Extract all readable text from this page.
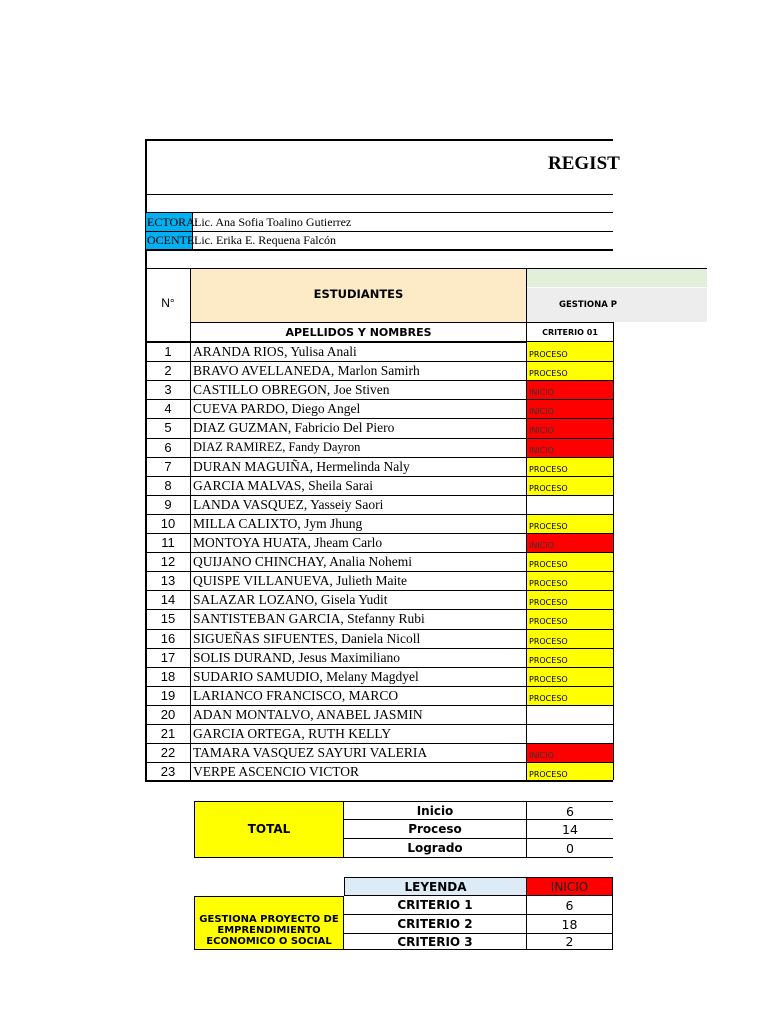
REGIST
ECTORA:
Lic. Ana Sofia Toalino Gutierrez
OCENTE:
Lic. Erika E. Requena Falcón
N°
ESTUDIANTES
GESTIONA P
APELLIDOS Y NOMBRES	CRITERIO 01
1	ARANDA RIOS, Yulisa Anali	PROCESO
2	BRAVO AVELLANEDA, Marlon Samirh	PROCESO
3	CASTILLO OBREGON, Joe Stiven	INICIO
4	CUEVA PARDO, Diego Angel	INICIO
5	DIAZ GUZMAN, Fabricio Del Piero	INICIO
6	DIAZ RAMIREZ, Fandy Dayron	INICIO
7	DURAN MAGUIÑA, Hermelinda Naly	PROCESO
8	GARCIA MALVAS, Sheila Sarai	PROCESO
9	LANDA VASQUEZ, Yasseiy Saori
10	MILLA CALIXTO, Jym Jhung	PROCESO
11	MONTOYA HUATA, Jheam Carlo	INICIO
12	QUIJANO CHINCHAY, Analia Nohemi	PROCESO
13	QUISPE VILLANUEVA, Julieth Maite	PROCESO
14	SALAZAR LOZANO, Gisela Yudit	PROCESO
15	SANTISTEBAN GARCIA, Stefanny Rubi	PROCESO
16	SIGUEÑAS SIFUENTES, Daniela Nicoll	PROCESO
17	SOLIS DURAND, Jesus Maximiliano	PROCESO
18	SUDARIO SAMUDIO, Melany Magdyel	PROCESO
19	LARIANCO FRANCISCO, MARCO	PROCESO
20	ADAN MONTALVO, ANABEL JASMIN
21	GARCIA ORTEGA, RUTH KELLY
22	TAMARA VASQUEZ SAYURI VALERIA	INICIO
23	VERPE ASCENCIO VICTOR	PROCESO
TOTAL
Inicio	6
Proceso	14
Logrado	0
LEYENDA	INICIO
GESTIONA PROYECTO DE EMPRENDIMIENTO ECONOMICO O SOCIAL
CRITERIO 1	6
CRITERIO 2	18
CRITERIO 3	2
